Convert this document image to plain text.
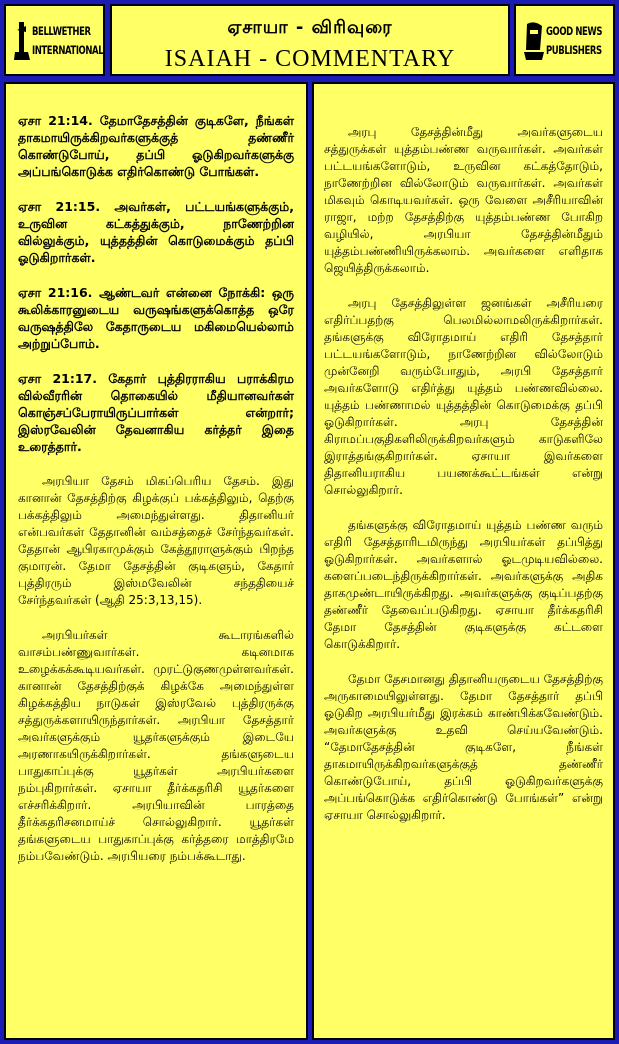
BELLWETHER
INTERNATIONAL
ஏசாயா - விரிவுரை
ISAIAH - COMMENTARY
GOOD NEWS
PUBLISHERS

ஏசா 21:14. தேமாதேசத்தின் குடிகளே, நீங்கள் தாகமாயிருக்கிறவர்களுக்குத் தண்ணீர் கொண்டுபோய், தப்பி ஓடுகிறவர்களுக்கு அப்பங்கொடுக்க எதிர்கொண்டு போங்கள்.

ஏசா 21:15. அவர்கள், பட்டயங்களுக்கும், உருவின கட்கத்துக்கும், நாணேற்றின வில்லுக்கும், யுத்தத்தின் கொடுமைக்கும் தப்பி ஓடுகிறார்கள்.

ஏசா 21:16. ஆண்டவர் என்னை நோக்கி: ஒரு கூலிக்காரனுடைய வருஷங்களுக்கொத்த ஒரே வருஷத்திலே கேதாருடைய மகிமையெல்லாம் அற்றுப்போம்.

ஏசா 21:17. கேதார் புத்திரராகிய பராக்கிரம வில்வீரரின் தொகையில் மீதியானவர்கள் கொஞ்சப்பேராயிருப்பார்கள் என்றார்; இஸ்ரவேலின் தேவனாகிய கர்த்தர் இதை உரைத்தார்.

அரபியா தேசம் மிகப்பெரிய தேசம். இது கானான் தேசத்திற்கு கிழக்குப் பக்கத்திலும், தெற்கு பக்கத்திலும் அமைந்துள்ளது. திதானியர் என்பவர்கள் தேதானின் வம்சத்தைச் சேர்ந்தவர்கள். தேதான் ஆபிரகாமுக்கும் கேத்தூராளுக்கும் பிறந்த குமாரன். தேமா தேசத்தின் குடிகளும், கேதார் புத்திரரும் இஸ்மவேலின் சந்ததியைச் சேர்ந்தவர்கள் (ஆதி 25:3,13,15).

அரபியர்கள் கூடாரங்களில் வாசம்பண்ணுவார்கள். கடினமாக உழைக்கக்கூடியவர்கள். முரட்டுகுணமுள்ளவர்கள். கானான் தேசத்திற்குக் கிழக்கே அமைந்துள்ள கிழக்கத்திய நாடுகள் இஸ்ரவேல் புத்திரருக்கு சத்துருக்களாயிருந்தார்கள். அரபியா தேசத்தார் அவர்களுக்கும் யூதர்களுக்கும் இடையே அரணாகயிருக்கிறார்கள். தங்களுடைய பாதுகாப்புக்கு யூதர்கள் அரபியர்களை நம்புகிறார்கள். ஏசாயா தீர்க்கதரிசி யூதர்களை எச்சரிக்கிறார். அரபியாவின் பாரத்தை தீர்க்கதரிசனமாய்ச் சொல்லுகிறார். யூதர்கள் தங்களுடைய பாதுகாப்புக்கு கர்த்தரை மாத்திரமே நம்பவேண்டும். அரபியரை நம்பக்கூடாது.

அரபு தேசத்தின்மீது அவர்களுடைய சத்துருக்கள் யுத்தம்பண்ண வருவார்கள். அவர்கள் பட்டயங்களோடும், உருவின கட்கத்தோடும், நாணேற்றின வில்லோடும் வருவார்கள். அவர்கள் மிகவும் கொடியவர்கள். ஒரு வேளை அசீரியாவின் ராஜா, மற்ற தேசத்திற்கு யுத்தம்பண்ண போகிற வழியில், அரபியா தேசத்தின்மீதும் யுத்தம்பண்ணியிருக்கலாம். அவர்களை எளிதாக ஜெயித்திருக்கலாம்.

அரபு தேசத்திலுள்ள ஜனங்கள் அசீரியரை எதிர்ப்பதற்கு பெலமில்லாமலிருக்கிறார்கள். தங்களுக்கு விரோதமாய் எதிரி தேசத்தார் பட்டயங்களோடும், நாணேற்றின வில்லோடும் முன்னேறி வரும்போதும், அரபி தேசத்தார் அவர்களோடு எதிர்த்து யுத்தம் பண்ணவில்லை. யுத்தம் பண்ணாமல் யுத்தத்தின் கொடுமைக்கு தப்பி ஓடுகிறார்கள். அரபு தேசத்தின் கிராமப்பகுதிகளிலிருக்கிறவர்களும் காடுகளிலே இராத்தங்குகிறார்கள். ஏசாயா இவர்களை திதானியராகிய பயணக்கூட்டங்கள் என்று சொல்லுகிறார்.

தங்களுக்கு விரோதமாய் யுத்தம் பண்ண வரும் எதிரி தேசத்தாரிடமிருந்து அரபியர்கள் தப்பித்து ஓடுகிறார்கள். அவர்களால் ஓடமுடியவில்லை. களைப்படைந்திருக்கிறார்கள். அவர்களுக்கு அதிக தாகமுண்டாயிருக்கிறது. அவர்களுக்கு குடிப்பதற்கு தண்ணீர் தேவைப்படுகிறது. ஏசாயா தீர்க்கதரிசி தேமா தேசத்தின் குடிகளுக்கு கட்டளை கொடுக்கிறார்.

தேமா தேசமானது திதானியருடைய தேசத்திற்கு அருகாமையிலுள்ளது. தேமா தேசத்தார் தப்பி ஓடுகிற அரபியர்மீது இரக்கம் காண்பிக்கவேண்டும். அவர்களுக்கு உதவி செய்யவேண்டும். “தேமாதேசத்தின் குடிகளே, நீங்கள் தாகமாயிருக்கிறவர்களுக்குத் தண்ணீர் கொண்டுபோய், தப்பி ஓடுகிறவர்களுக்கு அப்பங்கொடுக்க எதிர்கொண்டு போங்கள்” என்று ஏசாயா சொல்லுகிறார்.
